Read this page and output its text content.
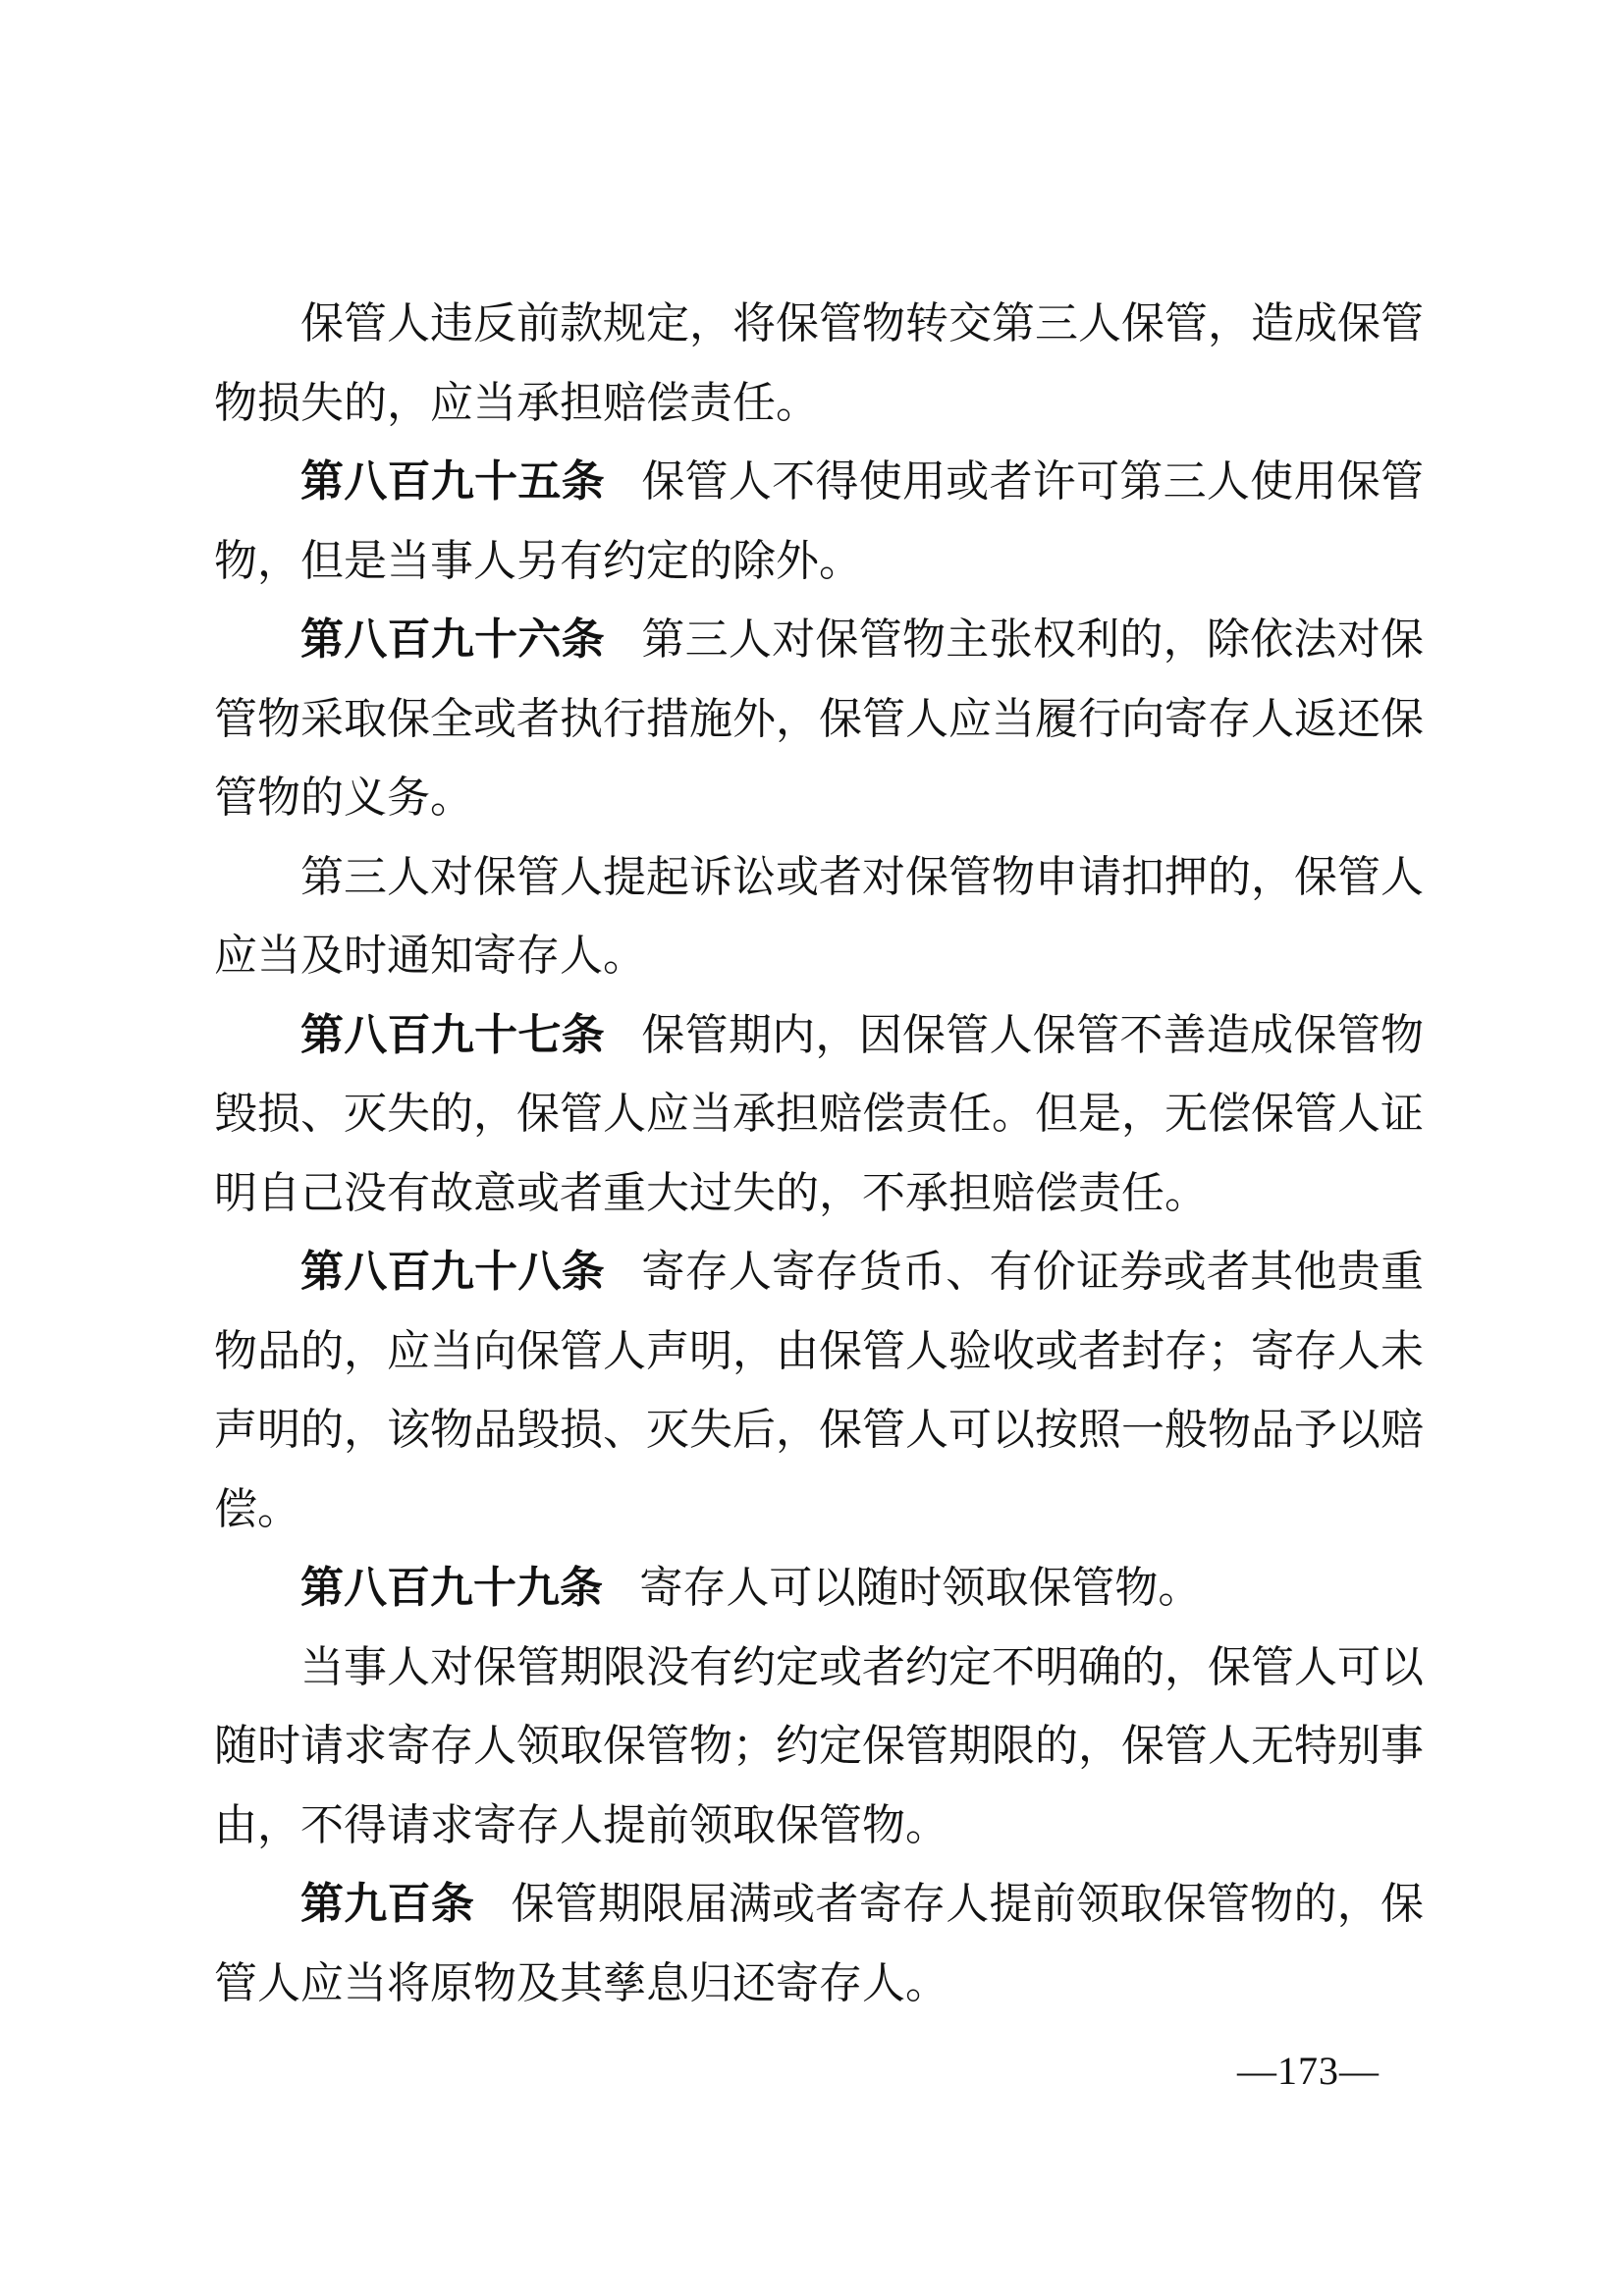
保管人违反前款规定，将保管物转交第三人保管，造成保管物损失的，应当承担赔偿责任。

第八百九十五条 保管人不得使用或者许可第三人使用保管物，但是当事人另有约定的除外。

第八百九十六条 第三人对保管物主张权利的，除依法对保管物采取保全或者执行措施外，保管人应当履行向寄存人返还保管物的义务。

第三人对保管人提起诉讼或者对保管物申请扣押的，保管人应当及时通知寄存人。

第八百九十七条 保管期内，因保管人保管不善造成保管物毁损、灭失的，保管人应当承担赔偿责任。但是，无偿保管人证明自己没有故意或者重大过失的，不承担赔偿责任。

第八百九十八条 寄存人寄存货币、有价证券或者其他贵重物品的，应当向保管人声明，由保管人验收或者封存；寄存人未声明的，该物品毁损、灭失后，保管人可以按照一般物品予以赔偿。

第八百九十九条 寄存人可以随时领取保管物。

当事人对保管期限没有约定或者约定不明确的，保管人可以随时请求寄存人领取保管物；约定保管期限的，保管人无特别事由，不得请求寄存人提前领取保管物。

第九百条 保管期限届满或者寄存人提前领取保管物的，保管人应当将原物及其孳息归还寄存人。

—173—
